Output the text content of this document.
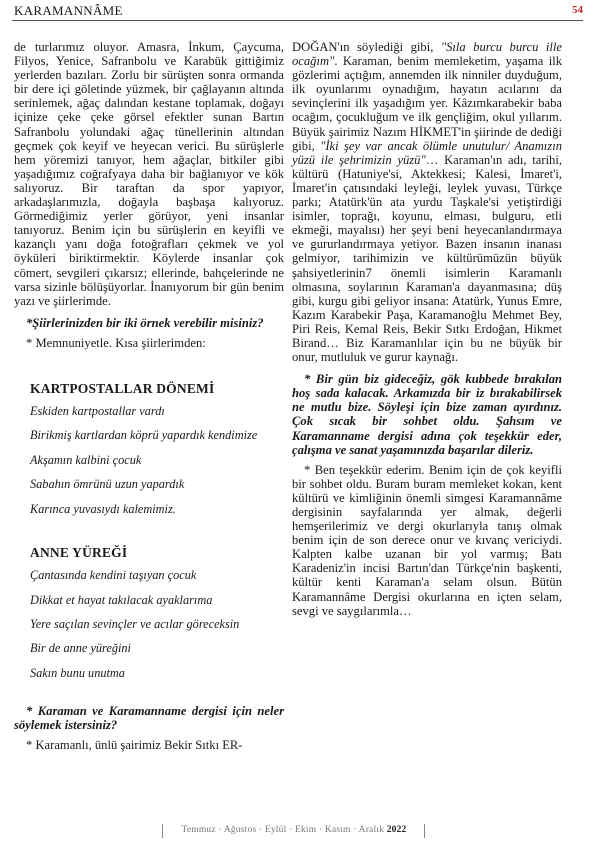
KARAMANNÂME	54

de turlarımız oluyor. Amasra, İnkum, Çaycuma, Filyos, Yenice, Safranbolu ve Karabük gittiğimiz yerlerden bazıları. Zorlu bir sürüşten sonra ormanda bir dere içi göletinde yüzmek, bir çağlayanın altında serinlemek, ağaç dalından kestane toplamak, doğayı içinize çeke çeke görsel efektler sunan Bartın Safranbolu yolundaki ağaç tünellerinin altından geçmek çok keyif ve heyecan verici. Bu sürüşlerle hem yöremizi tanıyor, hem ağaçlar, bitkiler gibi yaşadığımız coğrafyaya daha bir bağlanıyor ve kök salıyoruz. Bir taraftan da spor yapıyor, arkadaşlarımızla, doğayla başbaşa kalıyoruz. Görmediğimiz yerler görüyor, yeni insanlar tanıyoruz. Benim için bu sürüşlerin en keyifli ve kazançlı yanı doğa fotoğrafları çekmek ve yol öyküleri biriktirmektir. Köylerde insanlar çok cömert, sevgileri çıkarsız; ellerinde, bahçelerinde ne varsa sizinle bölüşüyorlar. İnanıyorum bir gün benim yazı ve şiirlerimde.

*Şiirlerinizden bir iki örnek verebilir misiniz?

* Memnuniyetle. Kısa şiirlerimden:

KARTPOSTALLAR DÖNEMİ
Eskiden kartpostallar vardı
Birikmiş kartlardan köprü yapardık kendimize
Akşamın kalbini çocuk
Sabahın ömrünü uzun yapardık
Karınca yuvasıydı kalemimiz.
ANNE YÜREĞİ
Çantasında kendini taşıyan çocuk
Dikkat et hayat takılacak ayaklarıma
Yere saçılan sevinçler ve acılar göreceksin
Bir de anne yüreğini
Sakın bunu unutma

* Karaman ve Karamanname dergisi için neler söylemek istersiniz?

* Karamanlı, ünlü şairimiz Bekir Sıtkı ER-

DOĞAN'ın söylediği gibi, "Sıla burcu burcu ille ocağım". Karaman, benim memleketim, yaşama ilk gözlerimi açtığım, annemden ilk ninniler duyduğum, ilk oyunlarımı oynadığım, hayatın acılarını da sevinçlerini ilk yaşadığım yer. Kâzımkarabekir baba ocağım, çocukluğum ve ilk gençliğim, okul yıllarım. Büyük şairimiz Nazım HİKMET'in şiirinde de dediği gibi, "İki şey var ancak ölümle unutulur/ Anamızın yüzü ile şehrimizin yüzü"… Karaman'ın adı, tarihi, kültürü (Hatuniye'si, Aktekkesi; Kalesi, İmaret'i, İmaret'in çatısındaki leyleği, leylek yuvası, Türkçe parkı; Atatürk'ün ata yurdu Taşkale'si yetiştirdiği isimler, toprağı, koyunu, elması, bulguru, etli ekmeği, mayalısı) her şeyi beni heyecanlandırmaya ve gururlandırmaya yetiyor. Bazen insanın inanası gelmiyor, tarihimizin ve kültürümüzün büyük şahsiyetlerinin7 önemli isimlerin Karamanlı olmasına, soylarının Karaman'a dayanmasına; düş gibi, kurgu gibi geliyor insana: Atatürk, Yunus Emre, Kazım Karabekir Paşa, Karamanoğlu Mehmet Bey, Piri Reis, Kemal Reis, Bekir Sıtkı Erdoğan, Hikmet Birand… Biz Karamanlılar için bu ne büyük bir onur, mutluluk ve gurur kaynağı.

* Bir gün biz gideceğiz, gök kubbede bırakılan hoş sada kalacak. Arkamızda bir iz bırakabilirsek ne mutlu bize. Söyleşi için bize zaman ayırdınız. Çok sıcak bir sohbet oldu. Şahsım ve Karamanname dergisi adına çok teşekkür eder, çalışma ve sanat yaşamınızda başarılar dileriz.

* Ben teşekkür ederim. Benim için de çok keyifli bir sohbet oldu. Buram buram memleket kokan, kent kültürü ve kimliğinin önemli simgesi Karamannâme dergisinin sayfalarında yer almak, değerli hemşerilerimiz ve dergi okurlarıyla tanış olmak benim için de son derece onur ve kıvanç vericiydi. Kalpten kalbe uzanan bir yol varmış; Batı Karadeniz'in incisi Bartın'dan Türkçe'nin başkenti, kültür kenti Karaman'a selam olsun. Bütün Karamannâme Dergisi okurlarına en içten selam, sevgi ve saygılarımla…

Temmuz · Ağustos · Eylül · Ekim · Kasım · Aralık 2022
